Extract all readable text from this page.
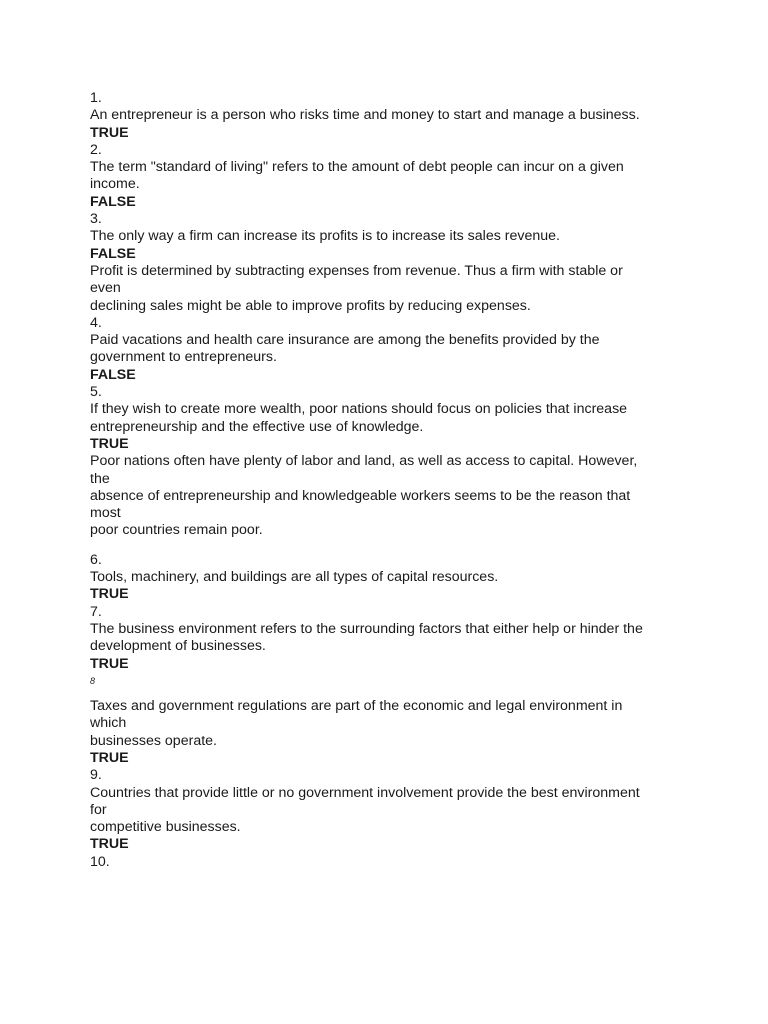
1.
An entrepreneur is a person who risks time and money to start and manage a business.
TRUE
2.
The term "standard of living" refers to the amount of debt people can incur on a given
income.
FALSE
3.
The only way a firm can increase its profits is to increase its sales revenue.
FALSE
Profit is determined by subtracting expenses from revenue. Thus a firm with stable or
even
declining sales might be able to improve profits by reducing expenses.
4.
Paid vacations and health care insurance are among the benefits provided by the
government to entrepreneurs.
FALSE
5.
If they wish to create more wealth, poor nations should focus on policies that increase
entrepreneurship and the effective use of knowledge.
TRUE
Poor nations often have plenty of labor and land, as well as access to capital. However,
the
absence of entrepreneurship and knowledgeable workers seems to be the reason that
most
poor countries remain poor.
6.
Tools, machinery, and buildings are all types of capital resources.
TRUE
7.
The business environment refers to the surrounding factors that either help or hinder the
development of businesses.
TRUE
8
Taxes and government regulations are part of the economic and legal environment in
which
businesses operate.
TRUE
9.
Countries that provide little or no government involvement provide the best environment
for
competitive businesses.
TRUE
10.
